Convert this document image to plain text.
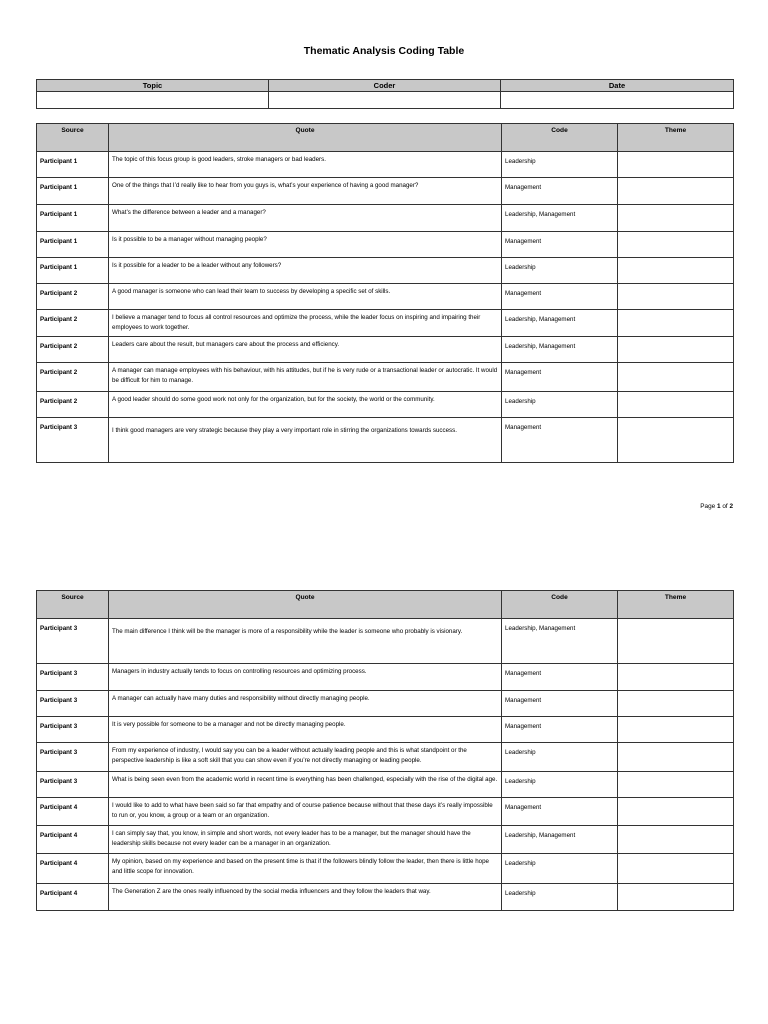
Thematic Analysis Coding Table
Topic	Coder	Date

Source	Quote	Code	Theme
Participant 1	The topic of this focus group is good leaders, stroke managers or bad leaders.	Leadership	
Participant 1	One of the things that I’d really like to hear from you guys is, what’s your experience of having a good manager?	Management	
Participant 1	What’s the difference between a leader and a manager?	Leadership, Management	
Participant 1	Is it possible to be a manager without managing people?	Management	
Participant 1	Is it possible for a leader to be a leader without any followers?	Leadership	
Participant 2	A good manager is someone who can lead their team to success by developing a specific set of skills.	Management	
Participant 2	I believe a manager tend to focus all control resources and optimize the process, while the leader focus on inspiring and impairing their employees to work together.	Leadership, Management	
Participant 2	Leaders care about the result, but managers care about the process and efficiency.	Leadership, Management	
Participant 2	A manager can manage employees with his behaviour, with his attitudes, but if he is very rude or a transactional leader or autocratic. It would be difficult for him to manage.	Management	
Participant 2	A good leader should do some good work not only for the organization, but for the society, the world or the community.	Leadership	
Participant 3	I think good managers are very strategic because they play a very important role in stirring the organizations towards success.	Management	
Page 1 of 2
Source	Quote	Code	Theme
Participant 3	The main difference I think will be the manager is more of a responsibility while the leader is someone who probably is visionary.	Leadership, Management	
Participant 3	Managers in industry actually tends to focus on controlling resources and optimizing process.	Management	
Participant 3	A manager can actually have many duties and responsibility without directly managing people.	Management	
Participant 3	It is very possible for someone to be a manager and not be directly managing people.	Management	
Participant 3	From my experience of industry, I would say you can be a leader without actually leading people and this is what standpoint or the perspective leadership is like a soft skill that you can show even if you’re not directly managing or leading people.	Leadership	
Participant 3	What is being seen even from the academic world in recent time is everything has been challenged, especially with the rise of the digital age.	Leadership	
Participant 4	I would like to add to what have been said so far that empathy and of course patience because without that these days it’s really impossible to run or, you know, a group or a team or an organization.	Management	
Participant 4	I can simply say that, you know, in simple and short words, not every leader has to be a manager, but the manager should have the leadership skills because not every leader can be a manager in an organization.	Leadership, Management	
Participant 4	My opinion, based on my experience and based on the present time is that if the followers blindly follow the leader, then there is little hope and little scope for innovation.	Leadership	
Participant 4	The Generation Z are the ones really influenced by the social media influencers and they follow the leaders that way.	Leadership	
